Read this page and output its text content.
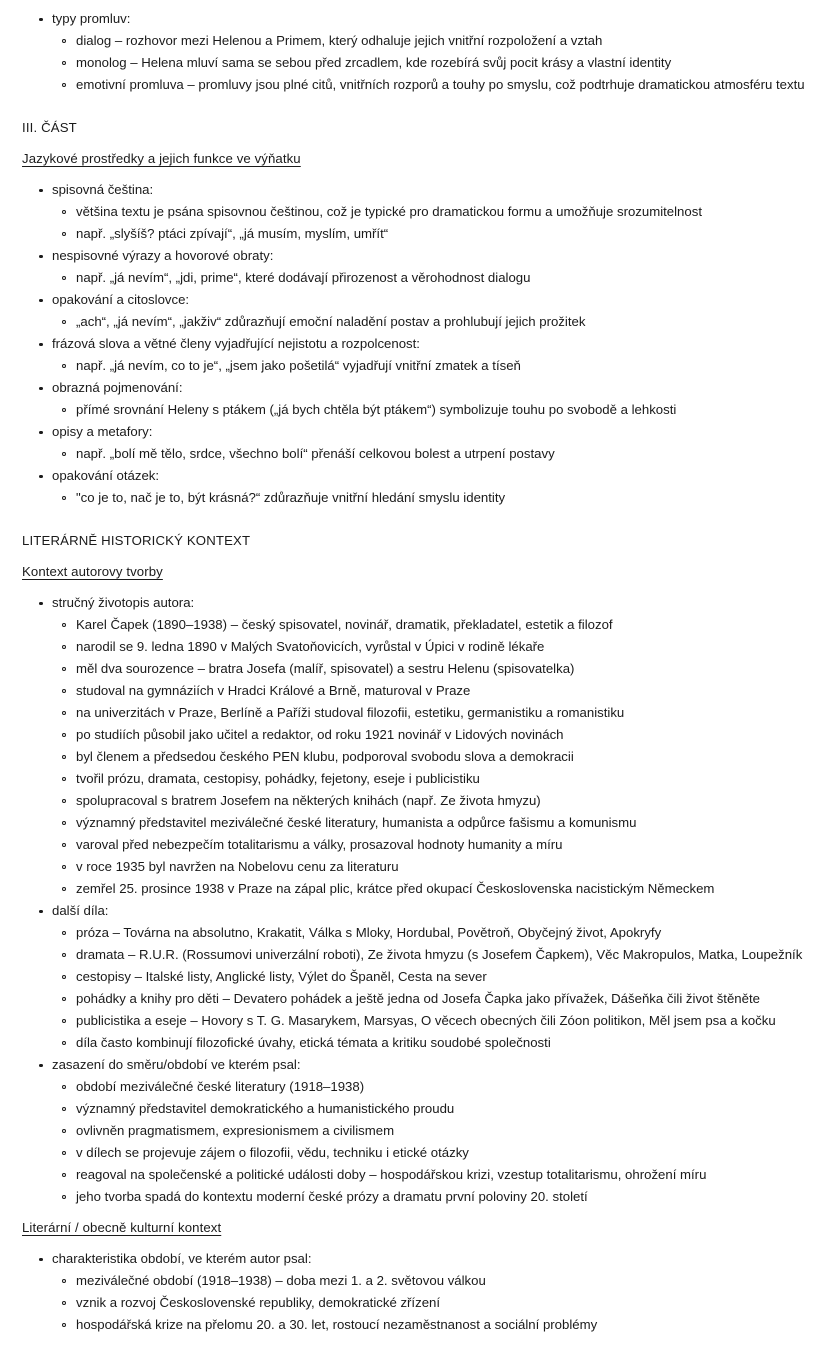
typy promluv:
dialog – rozhovor mezi Helenou a Primem, který odhaluje jejich vnitřní rozpoložení a vztah
monolog – Helena mluví sama se sebou před zrcadlem, kde rozebírá svůj pocit krásy a vlastní identity
emotivní promluva – promluvy jsou plné citů, vnitřních rozporů a touhy po smyslu, což podtrhuje dramatickou atmosféru textu
III. ČÁST
Jazykové prostředky a jejich funkce ve výňatku
spisovná čeština:
většina textu je psána spisovnou češtinou, což je typické pro dramatickou formu a umožňuje srozumitelnost
např. „slyšíš? ptáci zpívají“, „já musím, myslím, umřít“
nespisovné výrazy a hovorové obraty:
např. „já nevím“, „jdi, prime“, které dodávají přirozenost a věrohodnost dialogu
opakování a citoslovce:
„ach“, „já nevím“, „jakživ“ zdůrazňují emoční naladění postav a prohlubují jejich prožitek
frázová slova a větné členy vyjadřující nejistotu a rozpolcenost:
např. „já nevím, co to je“, „jsem jako pošetilá“ vyjadřují vnitřní zmatek a tíseň
obrazná pojmenování:
přímé srovnání Heleny s ptákem („já bych chtěla být ptákem“) symbolizuje touhu po svobodě a lehkosti
opisy a metafory:
např. „bolí mě tělo, srdce, všechno bolí“ přenáší celkovou bolest a utrpení postavy
opakování otázek:
"co je to, nač je to, být krásná?“ zdůrazňuje vnitřní hledání smyslu identity
LITERÁRNĚ HISTORICKÝ KONTEXT
Kontext autorovy tvorby
stručný životopis autora:
Karel Čapek (1890–1938) – český spisovatel, novinář, dramatik, překladatel, estetik a filozof
narodil se 9. ledna 1890 v Malých Svatoňovicích, vyrůstal v Úpici v rodině lékaře
měl dva sourozence – bratra Josefa (malíř, spisovatel) a sestru Helenu (spisovatelka)
studoval na gymnáziích v Hradci Králové a Brně, maturoval v Praze
na univerzitách v Praze, Berlíně a Paříži studoval filozofii, estetiku, germanistiku a romanistiku
po studiích působil jako učitel a redaktor, od roku 1921 novinář v Lidových novinách
byl členem a předsedou českého PEN klubu, podporoval svobodu slova a demokracii
tvořil prózu, dramata, cestopisy, pohádky, fejetony, eseje i publicistiku
spolupracoval s bratrem Josefem na některých knihách (např. Ze života hmyzu)
významný představitel meziválečné české literatury, humanista a odpůrce fašismu a komunismu
varoval před nebezpečím totalitarismu a války, prosazoval hodnoty humanity a míru
v roce 1935 byl navržen na Nobelovu cenu za literaturu
zemřel 25. prosince 1938 v Praze na zápal plic, krátce před okupací Československa nacistickým Německem
další díla:
próza – Továrna na absolutno, Krakatit, Válka s Mloky, Hordubal, Povětroň, Obyčejný život, Apokryfy
dramata – R.U.R. (Rossumovi univerzální roboti), Ze života hmyzu (s Josefem Čapkem), Věc Makropulos, Matka, Loupežník
cestopisy – Italské listy, Anglické listy, Výlet do Španěl, Cesta na sever
pohádky a knihy pro děti – Devatero pohádek a ještě jedna od Josefa Čapka jako přívažek, Dášeňka čili život štěněte
publicistika a eseje – Hovory s T. G. Masarykem, Marsyas, O věcech obecných čili Zóon politikon, Měl jsem psa a kočku
díla často kombinují filozofické úvahy, etická témata a kritiku soudobé společnosti
zasazení do směru/období ve kterém psal:
období meziválečné české literatury (1918–1938)
významný představitel demokratického a humanistického proudu
ovlivněn pragmatismem, expresionismem a civilismem
v dílech se projevuje zájem o filozofii, vědu, techniku i etické otázky
reagoval na společenské a politické události doby – hospodářskou krizi, vzestup totalitarismu, ohrožení míru
jeho tvorba spadá do kontextu moderní české prózy a dramatu první poloviny 20. století
Literární / obecně kulturní kontext
charakteristika období, ve kterém autor psal:
meziválečné období (1918–1938) – doba mezi 1. a 2. světovou válkou
vznik a rozvoj Československé republiky, demokratické zřízení
hospodářská krize na přelomu 20. a 30. let, rostoucí nezaměstnanost a sociální problémy
